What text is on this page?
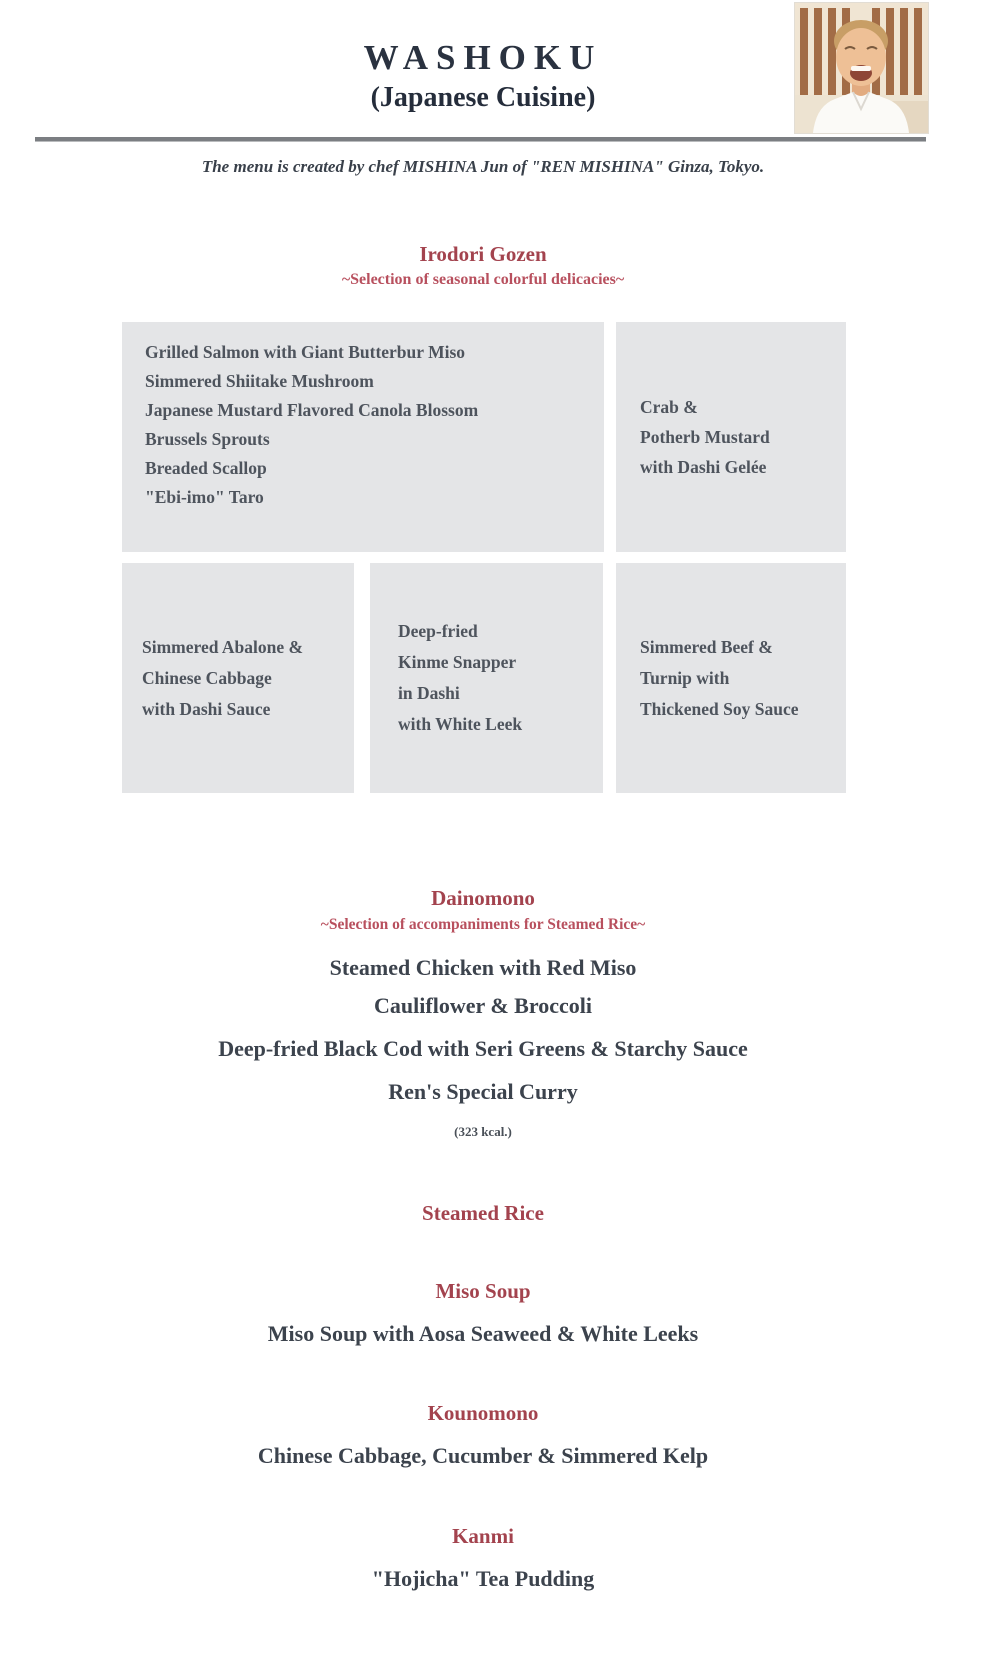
WASHOKU
(Japanese Cuisine)
The menu is created by chef MISHINA Jun of "REN MISHINA" Ginza, Tokyo.
Irodori Gozen
~Selection of seasonal colorful delicacies~
Grilled Salmon with Giant Butterbur Miso
Simmered Shiitake Mushroom
Japanese Mustard Flavored Canola Blossom
Brussels Sprouts
Breaded Scallop
"Ebi-imo" Taro
Crab &
Potherb Mustard
with Dashi Gelée
Simmered Abalone &
Chinese Cabbage
with Dashi Sauce
Deep-fried
Kinme Snapper
in Dashi
with White Leek
Simmered Beef &
Turnip with
Thickened Soy Sauce
Dainomono
~Selection of accompaniments for Steamed Rice~
Steamed Chicken with Red Miso
Cauliflower & Broccoli
Deep-fried Black Cod with Seri Greens & Starchy Sauce
Ren's Special Curry
(323 kcal.)
Steamed Rice
Miso Soup
Miso Soup with Aosa Seaweed & White Leeks
Kounomono
Chinese Cabbage, Cucumber & Simmered Kelp
Kanmi
"Hojicha" Tea Pudding
